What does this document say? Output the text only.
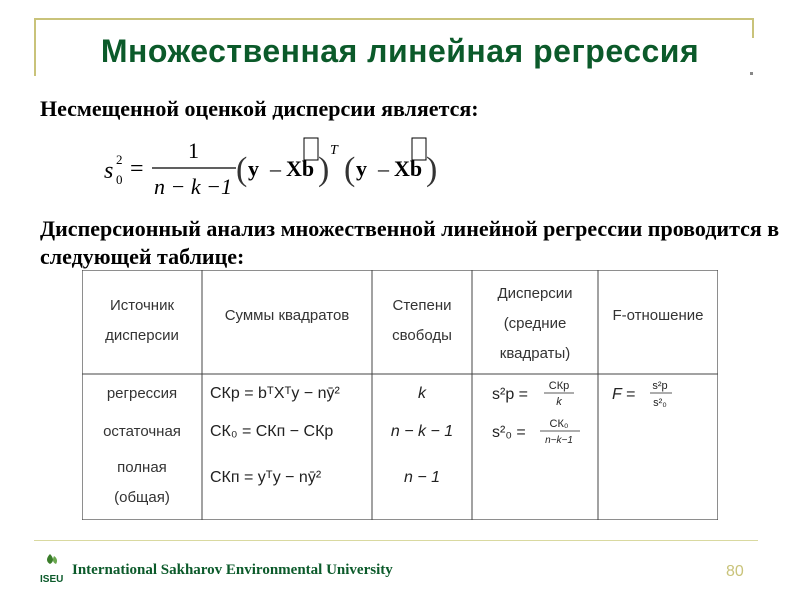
Множественная линейная регрессия
Несмещенной оценкой дисперсии является:
s 2
0 =
1
n − k −1 ( y – Xb )
T
( y – Xb )
Дисперсионный анализ множественной линейной регрессии проводится в следующей таблице:
Источник
дисперсии
Суммы квадратов
Степени
свободы
Дисперсии
(средние
квадраты)
F-отношение
регрессия
остаточная
полная
(общая)
СКр = bᵀXᵀy − nȳ²
СК₀ = СКп − СКр
СКп = yᵀy − nȳ²
k
n − k − 1
n − 1
s²р = СКр
k
s²₀ = СК₀
n−k−1
F = s²р
s²₀
ISEU
International Sakharov Environmental University	80
